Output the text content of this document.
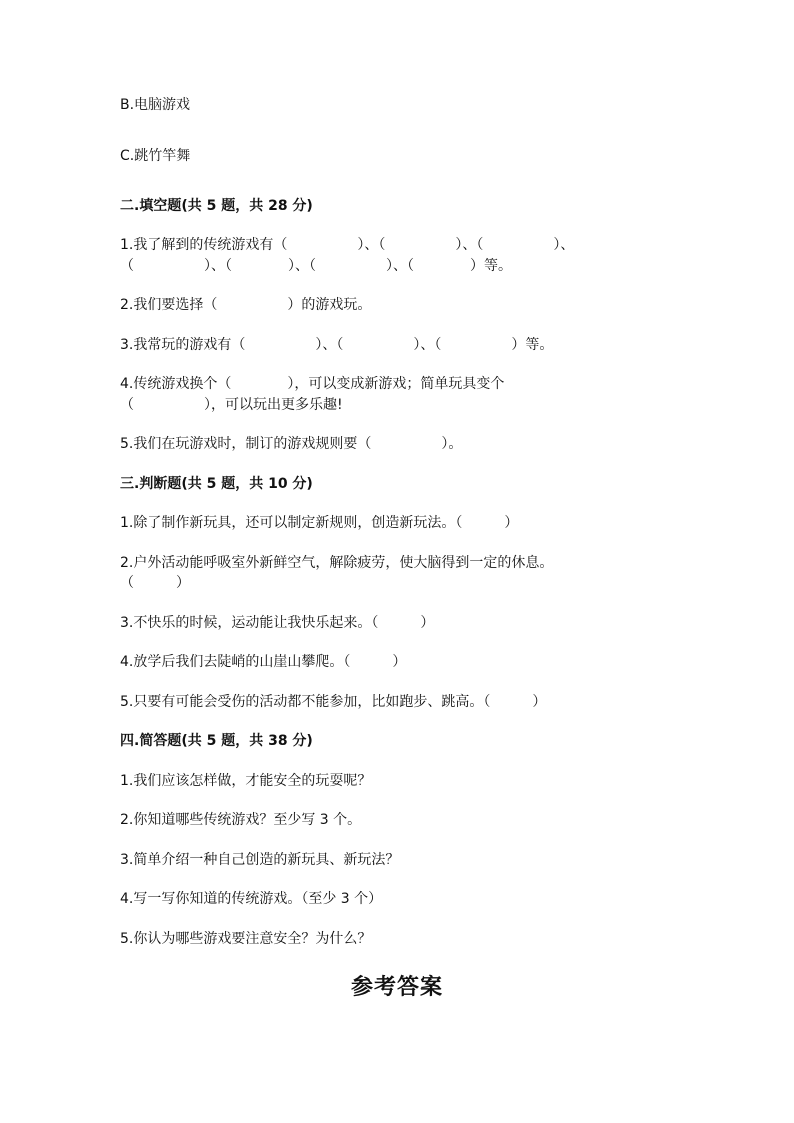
B.电脑游戏
C.跳竹竿舞
二.填空题(共 5 题，共 28 分)
1.我了解到的传统游戏有（　　　　　）、（　　　　　）、（　　　　　）、
（　　　　　）、（　　　　）、（　　　　　）、（　　　　）等。
2.我们要选择（　　　　　）的游戏玩。
3.我常玩的游戏有（　　　　　）、（　　　　　）、（　　　　　）等。
4.传统游戏换个（　　　　），可以变成新游戏；简单玩具变个
（　　　　　），可以玩出更多乐趣!
5.我们在玩游戏时，制订的游戏规则要（　　　　　）。
三.判断题(共 5 题，共 10 分)
1.除了制作新玩具，还可以制定新规则，创造新玩法。（　　　）
2.户外活动能呼吸室外新鲜空气，解除疲劳，使大脑得到一定的休息。
（　　　）
3.不快乐的时候，运动能让我快乐起来。（　　　）
4.放学后我们去陡峭的山崖山攀爬。（　　　）
5.只要有可能会受伤的活动都不能参加，比如跑步、跳高。（　　　）
四.简答题(共 5 题，共 38 分)
1.我们应该怎样做，才能安全的玩耍呢？
2.你知道哪些传统游戏？至少写 3 个。
3.简单介绍一种自己创造的新玩具、新玩法？
4.写一写你知道的传统游戏。（至少 3 个）
5.你认为哪些游戏要注意安全？为什么？
参考答案
